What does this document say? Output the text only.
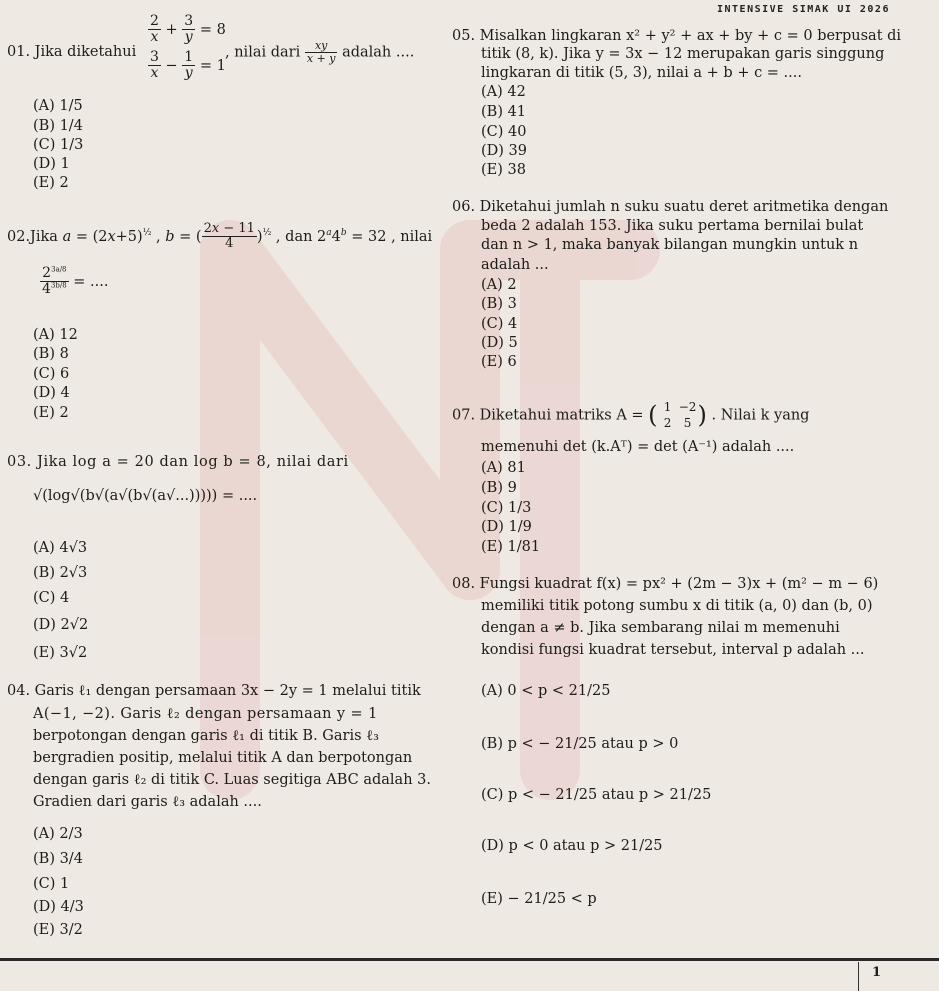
INTENSIVE SIMAK UI 2026
01. Jika diketahui
$\frac{2}{x} + \frac{3}{y} = 8$
$\frac{3}{x} - \frac{1}{y} = 1$
, nilai dari $\frac{xy}{x + y}$ adalah ....
(A) 1/5
(B) 1/4
(C) 1/3
(D) 1
(E) 2
02.Jika $a = (2x+5)^{\frac{1}{2}}$ , b = ( $\frac{2x - 11}{4} )^{\frac{1}{2}}$ , dan $2^a4^b = 32$ , nilai
$\frac{2^{3a/8}}{4^{3b/8}}$ = ....
(A) 12
(B) 8
(C) 6
(D) 4
(E) 2
03. Jika log a = 20 dan log b = 8, nilai dari
√(log√(b√(a√(b√(a√...))))) = ....
(A) 4√3
(B) 2√3
(C) 4
(D) 2√2
(E) 3√2
04. Garis ℓ₁ dengan persamaan 3x − 2y = 1 melalui titik
A(−1, −2). Garis ℓ₂ dengan persamaan y = 1
berpotongan dengan garis ℓ₁ di titik B. Garis ℓ₃
bergradien positip, melalui titik A dan berpotongan
dengan garis ℓ₂ di titik C. Luas segitiga ABC adalah 3.
Gradien dari garis ℓ₃ adalah ....
(A) 2/3
(B) 3/4
(C) 1
(D) 4/3
(E) 3/2
05. Misalkan lingkaran x² + y² + ax + by + c = 0 berpusat di
titik (8, k). Jika y = 3x − 12 merupakan garis singgung
lingkaran di titik (5, 3), nilai a + b + c = ....
(A) 42
(B) 41
(C) 40
(D) 39
(E) 38
06. Diketahui jumlah n suku suatu deret aritmetika dengan
beda 2 adalah 153. Jika suku pertama bernilai bulat
dan n > 1, maka banyak bilangan mungkin untuk n
adalah ...
(A) 2
(B) 3
(C) 4
(D) 5
(E) 6
07. Diketahui matriks A = ( 1 −2
2 5 ) . Nilai k yang
memenuhi det (k.Aᵀ) = det (A⁻¹) adalah ....
(A) 81
(B) 9
(C) 1/3
(D) 1/9
(E) 1/81
08. Fungsi kuadrat f(x) = px² + (2m − 3)x + (m² − m − 6)
memiliki titik potong sumbu x di titik (a, 0) dan (b, 0)
dengan a ≠ b. Jika sembarang nilai m memenuhi
kondisi fungsi kuadrat tersebut, interval p adalah ...
(A) 0 < p < 21/25
(B) p < − 21/25 atau p > 0
(C) p < − 21/25 atau p > 21/25
(D) p < 0 atau p > 21/25
(E) − 21/25 < p
1
